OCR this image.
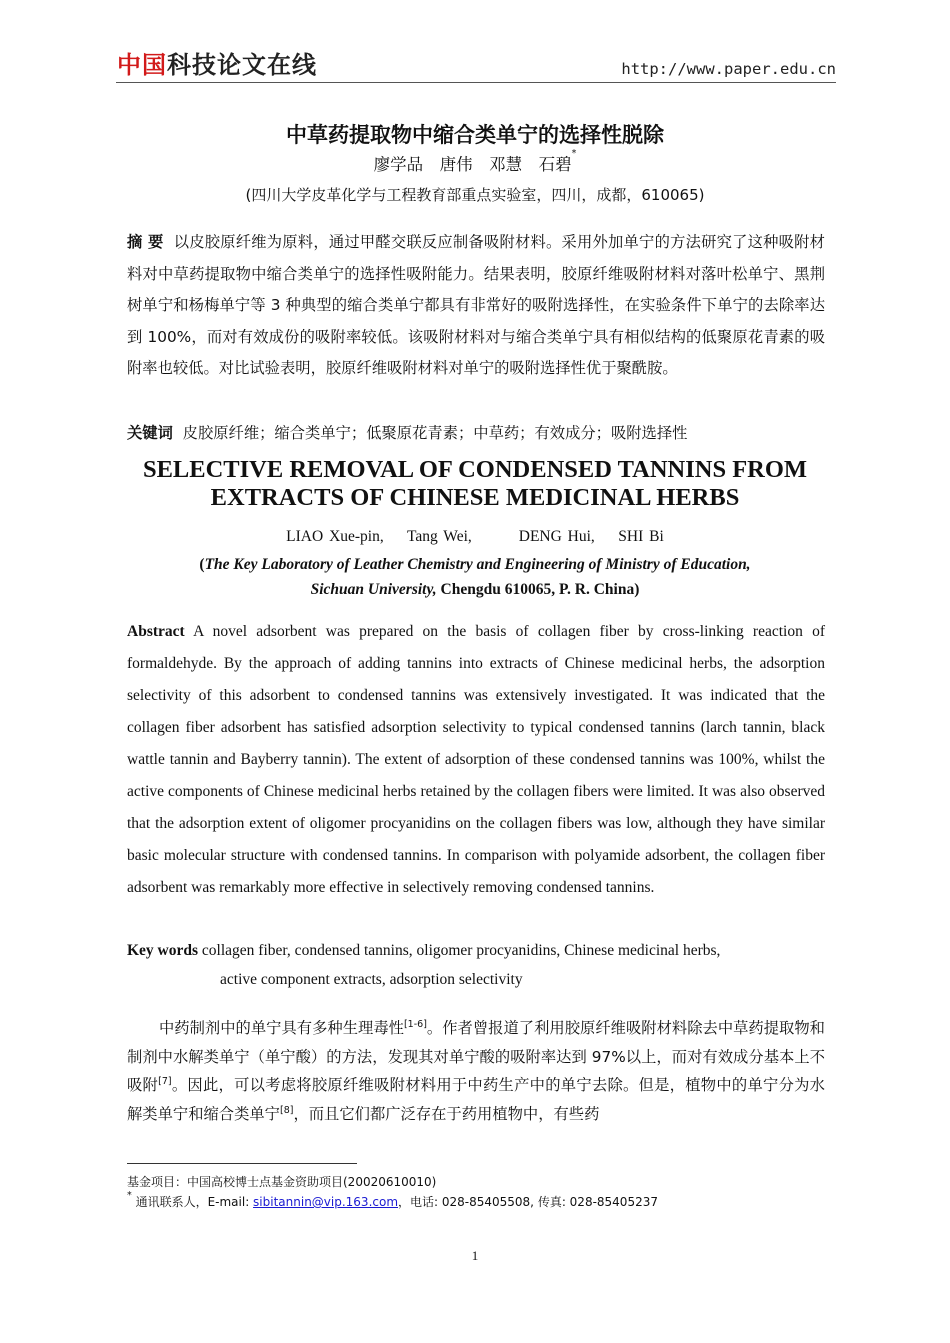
中国科技论文在线	http://www.paper.edu.cn
中草药提取物中缩合类单宁的选择性脱除
廖学品　唐伟　邓慧　石碧*
(四川大学皮革化学与工程教育部重点实验室，四川，成都，610065)
摘 要 以皮胶原纤维为原料，通过甲醛交联反应制备吸附材料。采用外加单宁的方法研究了这种吸附材料对中草药提取物中缩合类单宁的选择性吸附能力。结果表明，胶原纤维吸附材料对落叶松单宁、黑荆树单宁和杨梅单宁等 3 种典型的缩合类单宁都具有非常好的吸附选择性，在实验条件下单宁的去除率达到 100%，而对有效成份的吸附率较低。该吸附材料对与缩合类单宁具有相似结构的低聚原花青素的吸附率也较低。对比试验表明，胶原纤维吸附材料对单宁的吸附选择性优于聚酰胺。
关键词 皮胶原纤维；缩合类单宁；低聚原花青素；中草药；有效成分；吸附选择性
SELECTIVE REMOVAL OF CONDENSED TANNINS FROM
EXTRACTS OF CHINESE MEDICINAL HERBS
LIAO Xue-pin,    Tang Wei,        DENG Hui,    SHI Bi
(The Key Laboratory of Leather Chemistry and Engineering of Ministry of Education,
Sichuan University, Chengdu 610065, P. R. China)
Abstract A novel adsorbent was prepared on the basis of collagen fiber by cross-linking reaction of formaldehyde. By the approach of adding tannins into extracts of Chinese medicinal herbs, the adsorption selectivity of this adsorbent to condensed tannins was extensively investigated. It was indicated that the collagen fiber adsorbent has satisfied adsorption selectivity to typical condensed tannins (larch tannin, black wattle tannin and Bayberry tannin). The extent of adsorption of these condensed tannins was 100%, whilst the active components of Chinese medicinal herbs retained by the collagen fibers were limited. It was also observed that the adsorption extent of oligomer procyanidins on the collagen fibers was low, although they have similar basic molecular structure with condensed tannins. In comparison with polyamide adsorbent, the collagen fiber adsorbent was remarkably more effective in selectively removing condensed tannins.
Key words collagen fiber, condensed tannins, oligomer procyanidins, Chinese medicinal herbs,
active component extracts, adsorption selectivity
中药制剂中的单宁具有多种生理毒性[1-6]。作者曾报道了利用胶原纤维吸附材料除去中草药提取物和制剂中水解类单宁（单宁酸）的方法，发现其对单宁酸的吸附率达到 97%以上，而对有效成分基本上不吸附[7]。因此，可以考虑将胶原纤维吸附材料用于中药生产中的单宁去除。但是，植物中的单宁分为水解类单宁和缩合类单宁[8]，而且它们都广泛存在于药用植物中，有些药
基金项目：中国高校博士点基金资助项目(20020610010)
* 通讯联系人，E-mail: sibitannin@vip.163.com，电话: 028-85405508, 传真: 028-85405237
1
